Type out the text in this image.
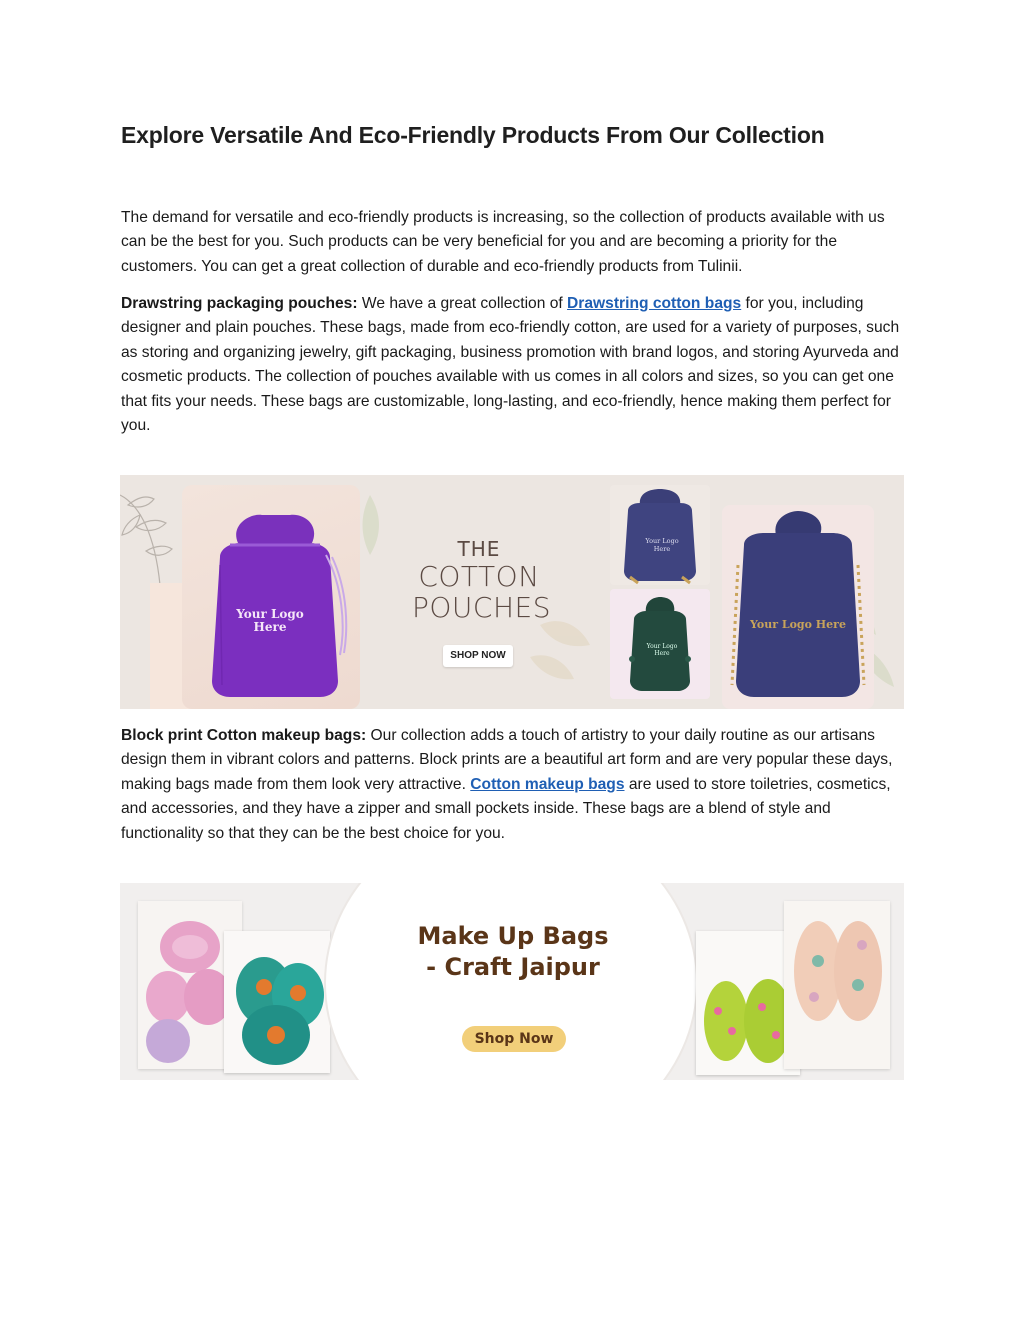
Explore Versatile And Eco-Friendly Products From Our Collection

The demand for versatile and eco-friendly products is increasing, so the collection of products available with us can be the best for you. Such products can be very beneficial for you and are becoming a priority for the customers. You can get a great collection of durable and eco-friendly products from Tulinii.

Drawstring packaging pouches: We have a great collection of Drawstring cotton bags for you, including designer and plain pouches. These bags, made from eco-friendly cotton, are used for a variety of purposes, such as storing and organizing jewelry, gift packaging, business promotion with brand logos, and storing Ayurveda and cosmetic products. The collection of pouches available with us comes in all colors and sizes, so you can get one that fits your needs. These bags are customizable, long-lasting, and eco-friendly, hence making them perfect for you.

Your Logo Here
THE
COTTON
POUCHES
SHOP NOW
Your Logo Here
Your Logo Here
Your Logo Here

Block print Cotton makeup bags: Our collection adds a touch of artistry to your daily routine as our artisans design them in vibrant colors and patterns. Block prints are a beautiful art form and are very popular these days, making bags made from them look very attractive. Cotton makeup bags are used to store toiletries, cosmetics, and accessories, and they have a zipper and small pockets inside. These bags are a blend of style and functionality so that they can be the best choice for you.

Make Up Bags
- Craft Jaipur
Shop Now
